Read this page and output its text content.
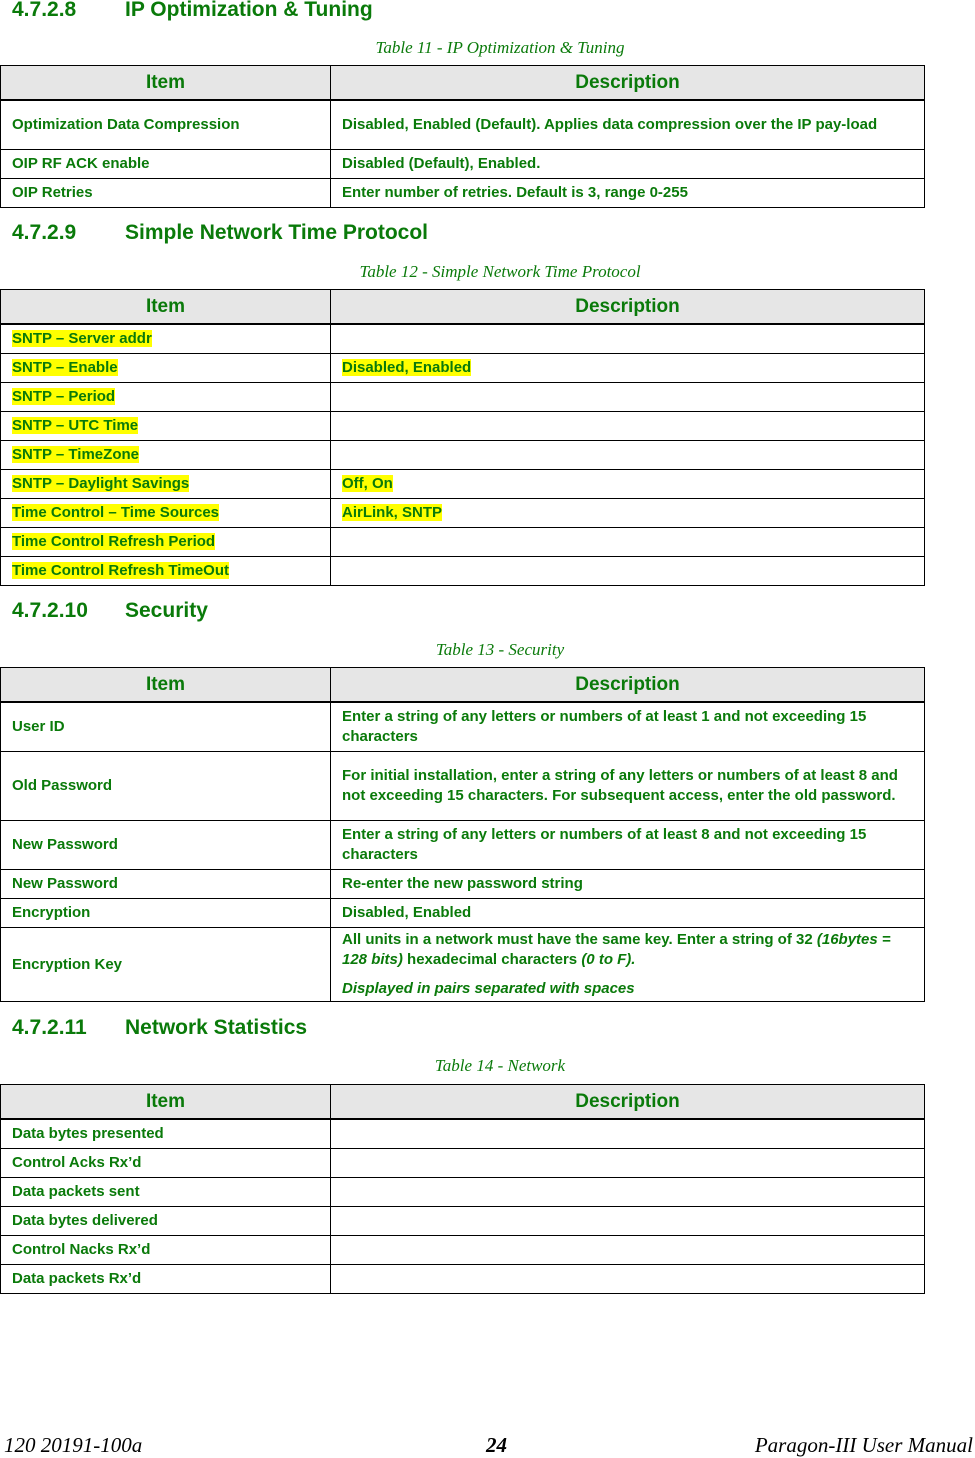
4.7.2.8 IP Optimization & Tuning
Table 11 - IP Optimization & Tuning
Item	Description
Optimization Data Compression	Disabled, Enabled (Default). Applies data compression over the IP pay-load
OIP RF ACK enable	Disabled (Default), Enabled.
OIP Retries	Enter number of retries. Default is 3, range 0-255
4.7.2.9 Simple Network Time Protocol
Table 12 - Simple Network Time Protocol
Item	Description
SNTP – Server addr	
SNTP – Enable	Disabled, Enabled
SNTP – Period	
SNTP – UTC Time	
SNTP – TimeZone	
SNTP – Daylight Savings	Off, On
Time Control – Time Sources	AirLink, SNTP
Time Control Refresh Period	
Time Control Refresh TimeOut	
4.7.2.10 Security
Table 13 - Security
Item	Description
User ID	Enter a string of any letters or numbers of at least 1 and not exceeding 15 characters
Old Password	For initial installation, enter a string of any letters or numbers of at least 8 and not exceeding 15 characters. For subsequent access, enter the old password.
New Password	Enter a string of any letters or numbers of at least 8 and not exceeding 15 characters
New Password	Re-enter the new password string
Encryption	Disabled, Enabled
Encryption Key	All units in a network must have the same key. Enter a string of 32 (16bytes = 128 bits) hexadecimal characters (0 to F).
Displayed in pairs separated with spaces
4.7.2.11 Network Statistics
Table 14 - Network
Item	Description
Data bytes presented	
Control Acks Rx’d	
Data packets sent	
Data bytes delivered	
Control Nacks Rx’d	
Data packets Rx’d	
120 20191-100a	24	Paragon-III User Manual
